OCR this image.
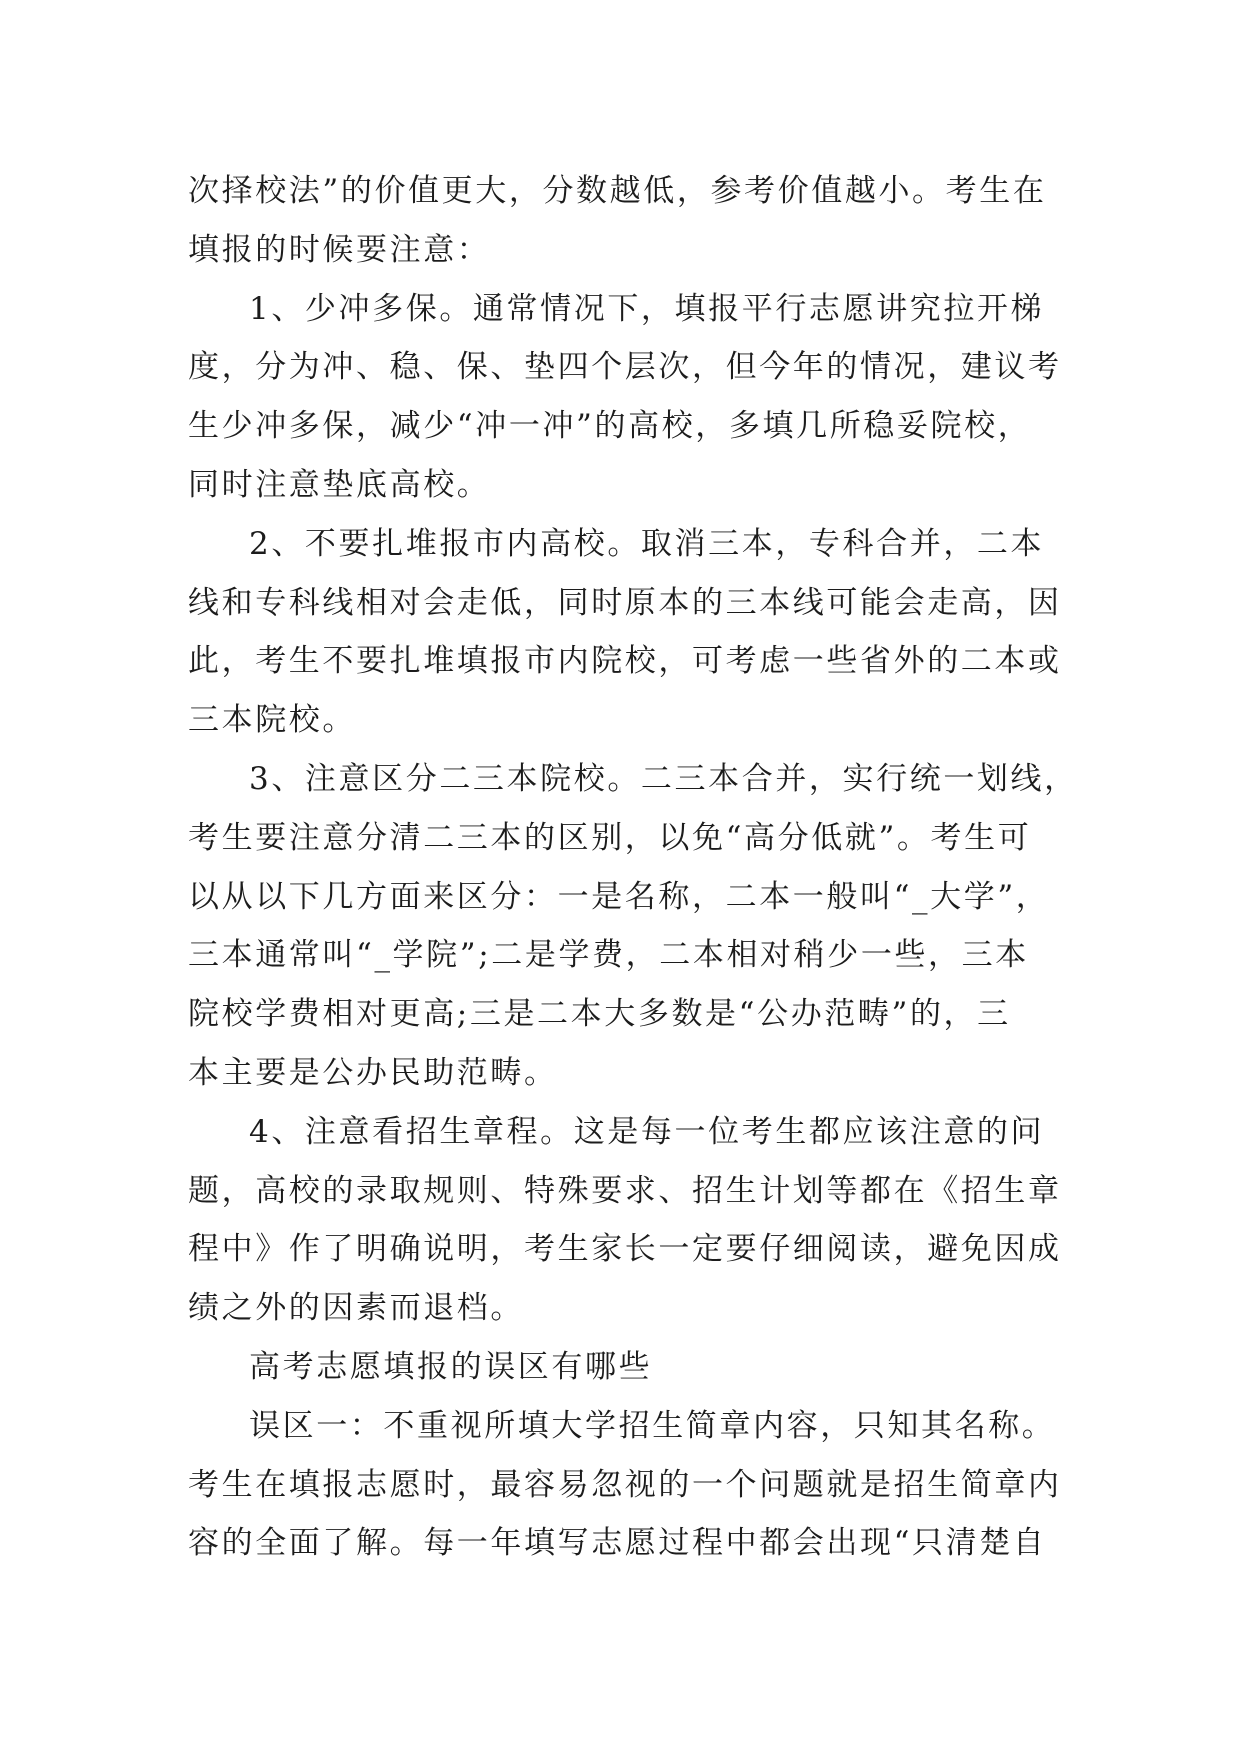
次择校法”的价值更大，分数越低，参考价值越小。考生在
填报的时候要注意：
1、少冲多保。通常情况下，填报平行志愿讲究拉开梯
度，分为冲、稳、保、垫四个层次，但今年的情况，建议考
生少冲多保，减少“冲一冲”的高校，多填几所稳妥院校，
同时注意垫底高校。
2、不要扎堆报市内高校。取消三本，专科合并，二本
线和专科线相对会走低，同时原本的三本线可能会走高，因
此，考生不要扎堆填报市内院校，可考虑一些省外的二本或
三本院校。
3、注意区分二三本院校。二三本合并，实行统一划线，
考生要注意分清二三本的区别，以免“高分低就”。考生可
以从以下几方面来区分：一是名称，二本一般叫“_大学”，
三本通常叫“_学院”;二是学费，二本相对稍少一些，三本
院校学费相对更高;三是二本大多数是“公办范畴”的，三
本主要是公办民助范畴。
4、注意看招生章程。这是每一位考生都应该注意的问
题，高校的录取规则、特殊要求、招生计划等都在《招生章
程中》作了明确说明，考生家长一定要仔细阅读，避免因成
绩之外的因素而退档。
高考志愿填报的误区有哪些
误区一：不重视所填大学招生简章内容，只知其名称。
考生在填报志愿时，最容易忽视的一个问题就是招生简章内
容的全面了解。每一年填写志愿过程中都会出现“只清楚自
